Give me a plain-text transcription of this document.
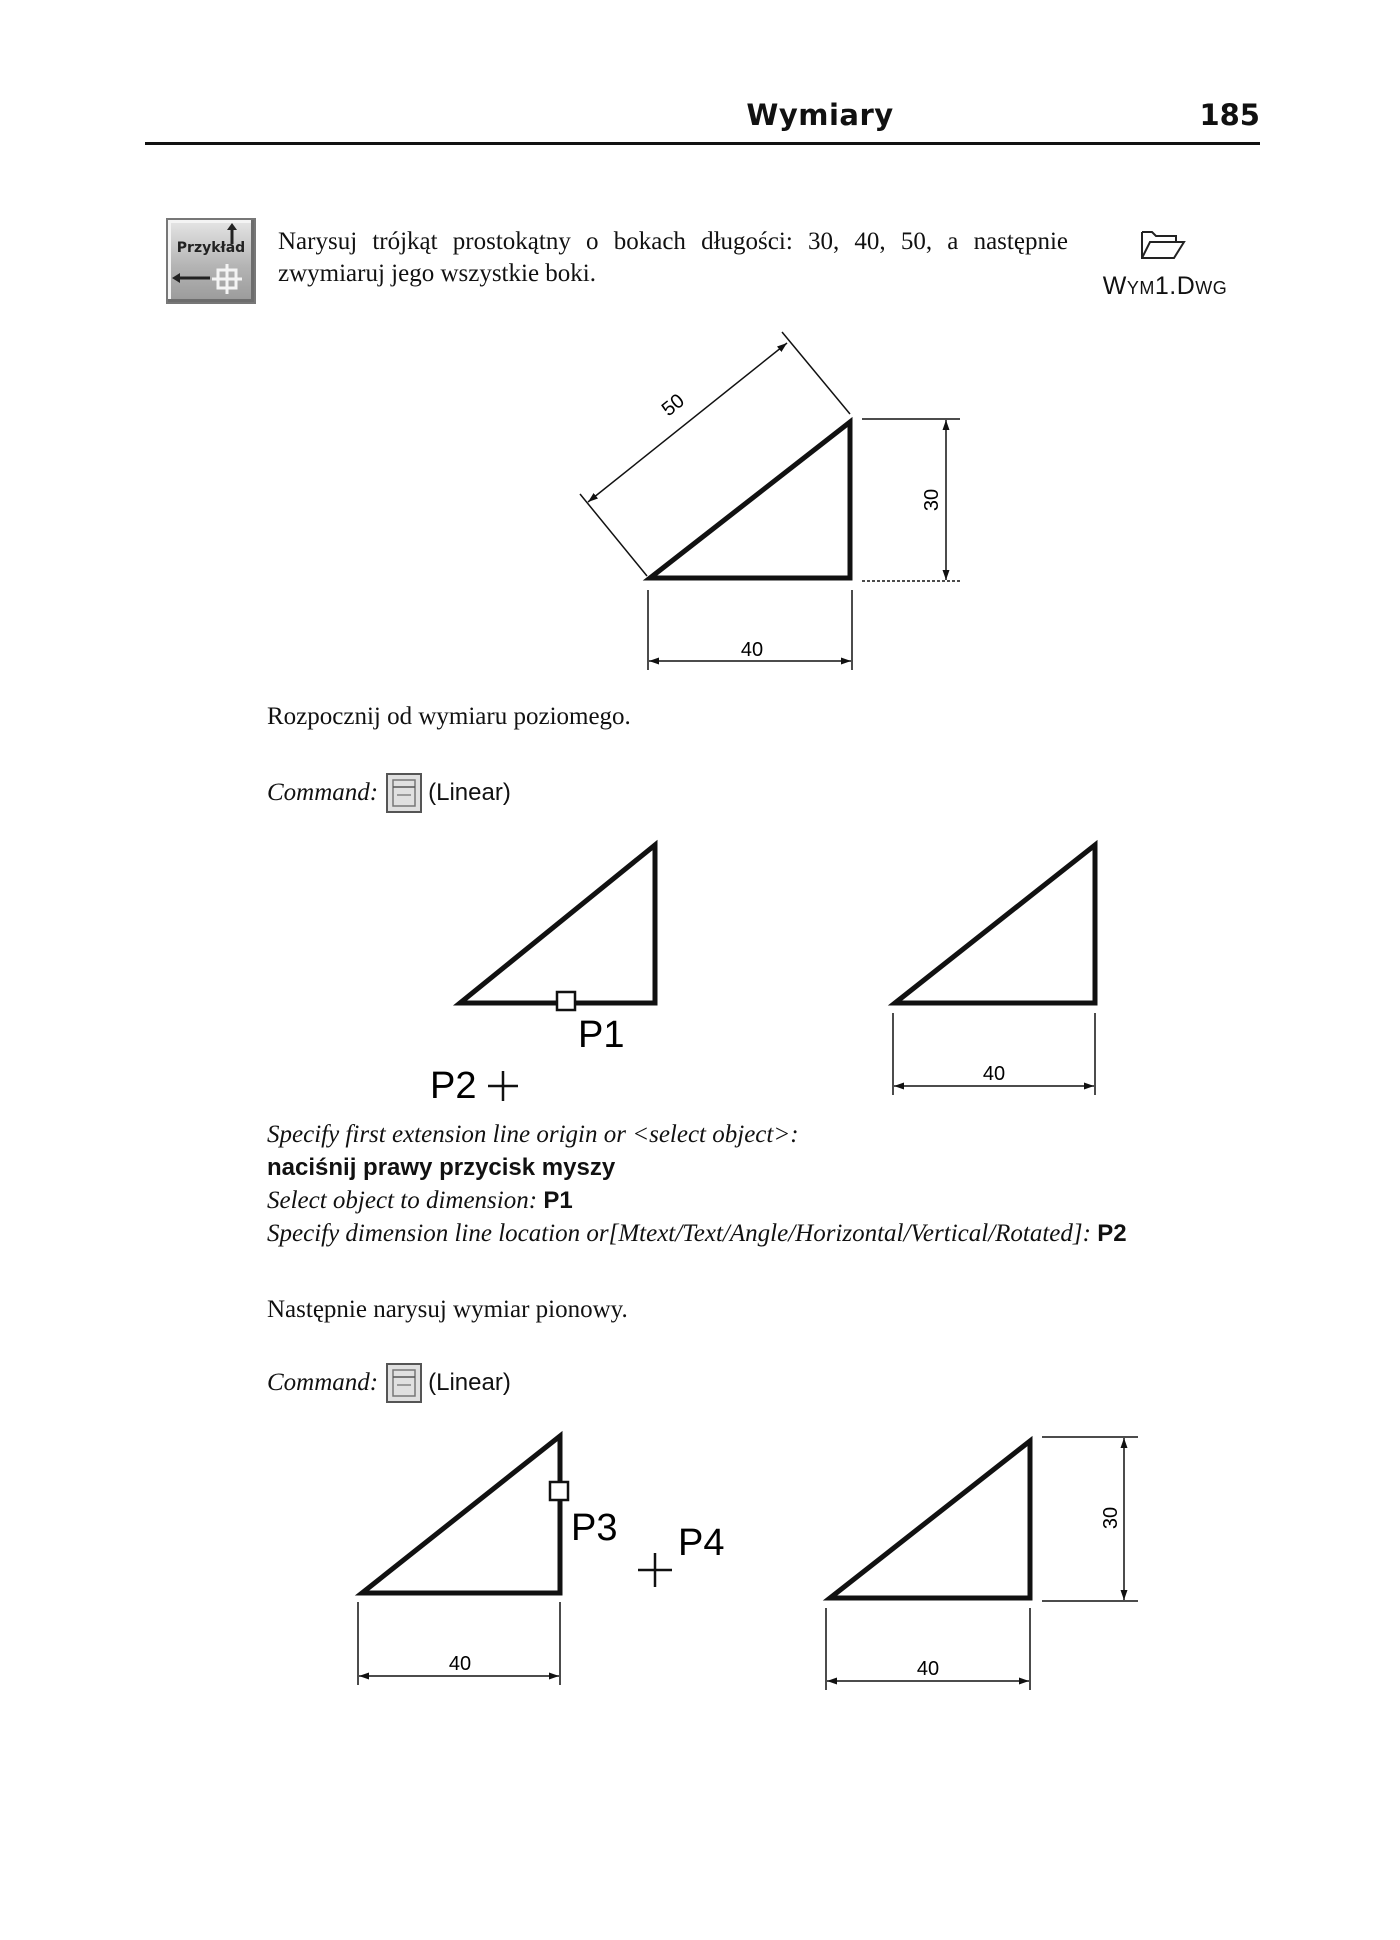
Wymiary	185
Przykład	Narysuj trójkąt prostokątny o bokach długości: 30, 40, 50, a następnie zwymiaruj jego wszystkie boki.	WYM1.DWG
50
30
40
Rozpocznij od wymiaru poziomego.
Command: (Linear)
P1
P2	40
Specify first extension line origin or <select object>:
naciśnij prawy przycisk myszy
Select object to dimension: P1
Specify dimension line location or[Mtext/Text/Angle/Horizontal/Vertical/Rotated]: P2
Następnie narysuj wymiar pionowy.
Command: (Linear)
P3 P4
40
30
40
